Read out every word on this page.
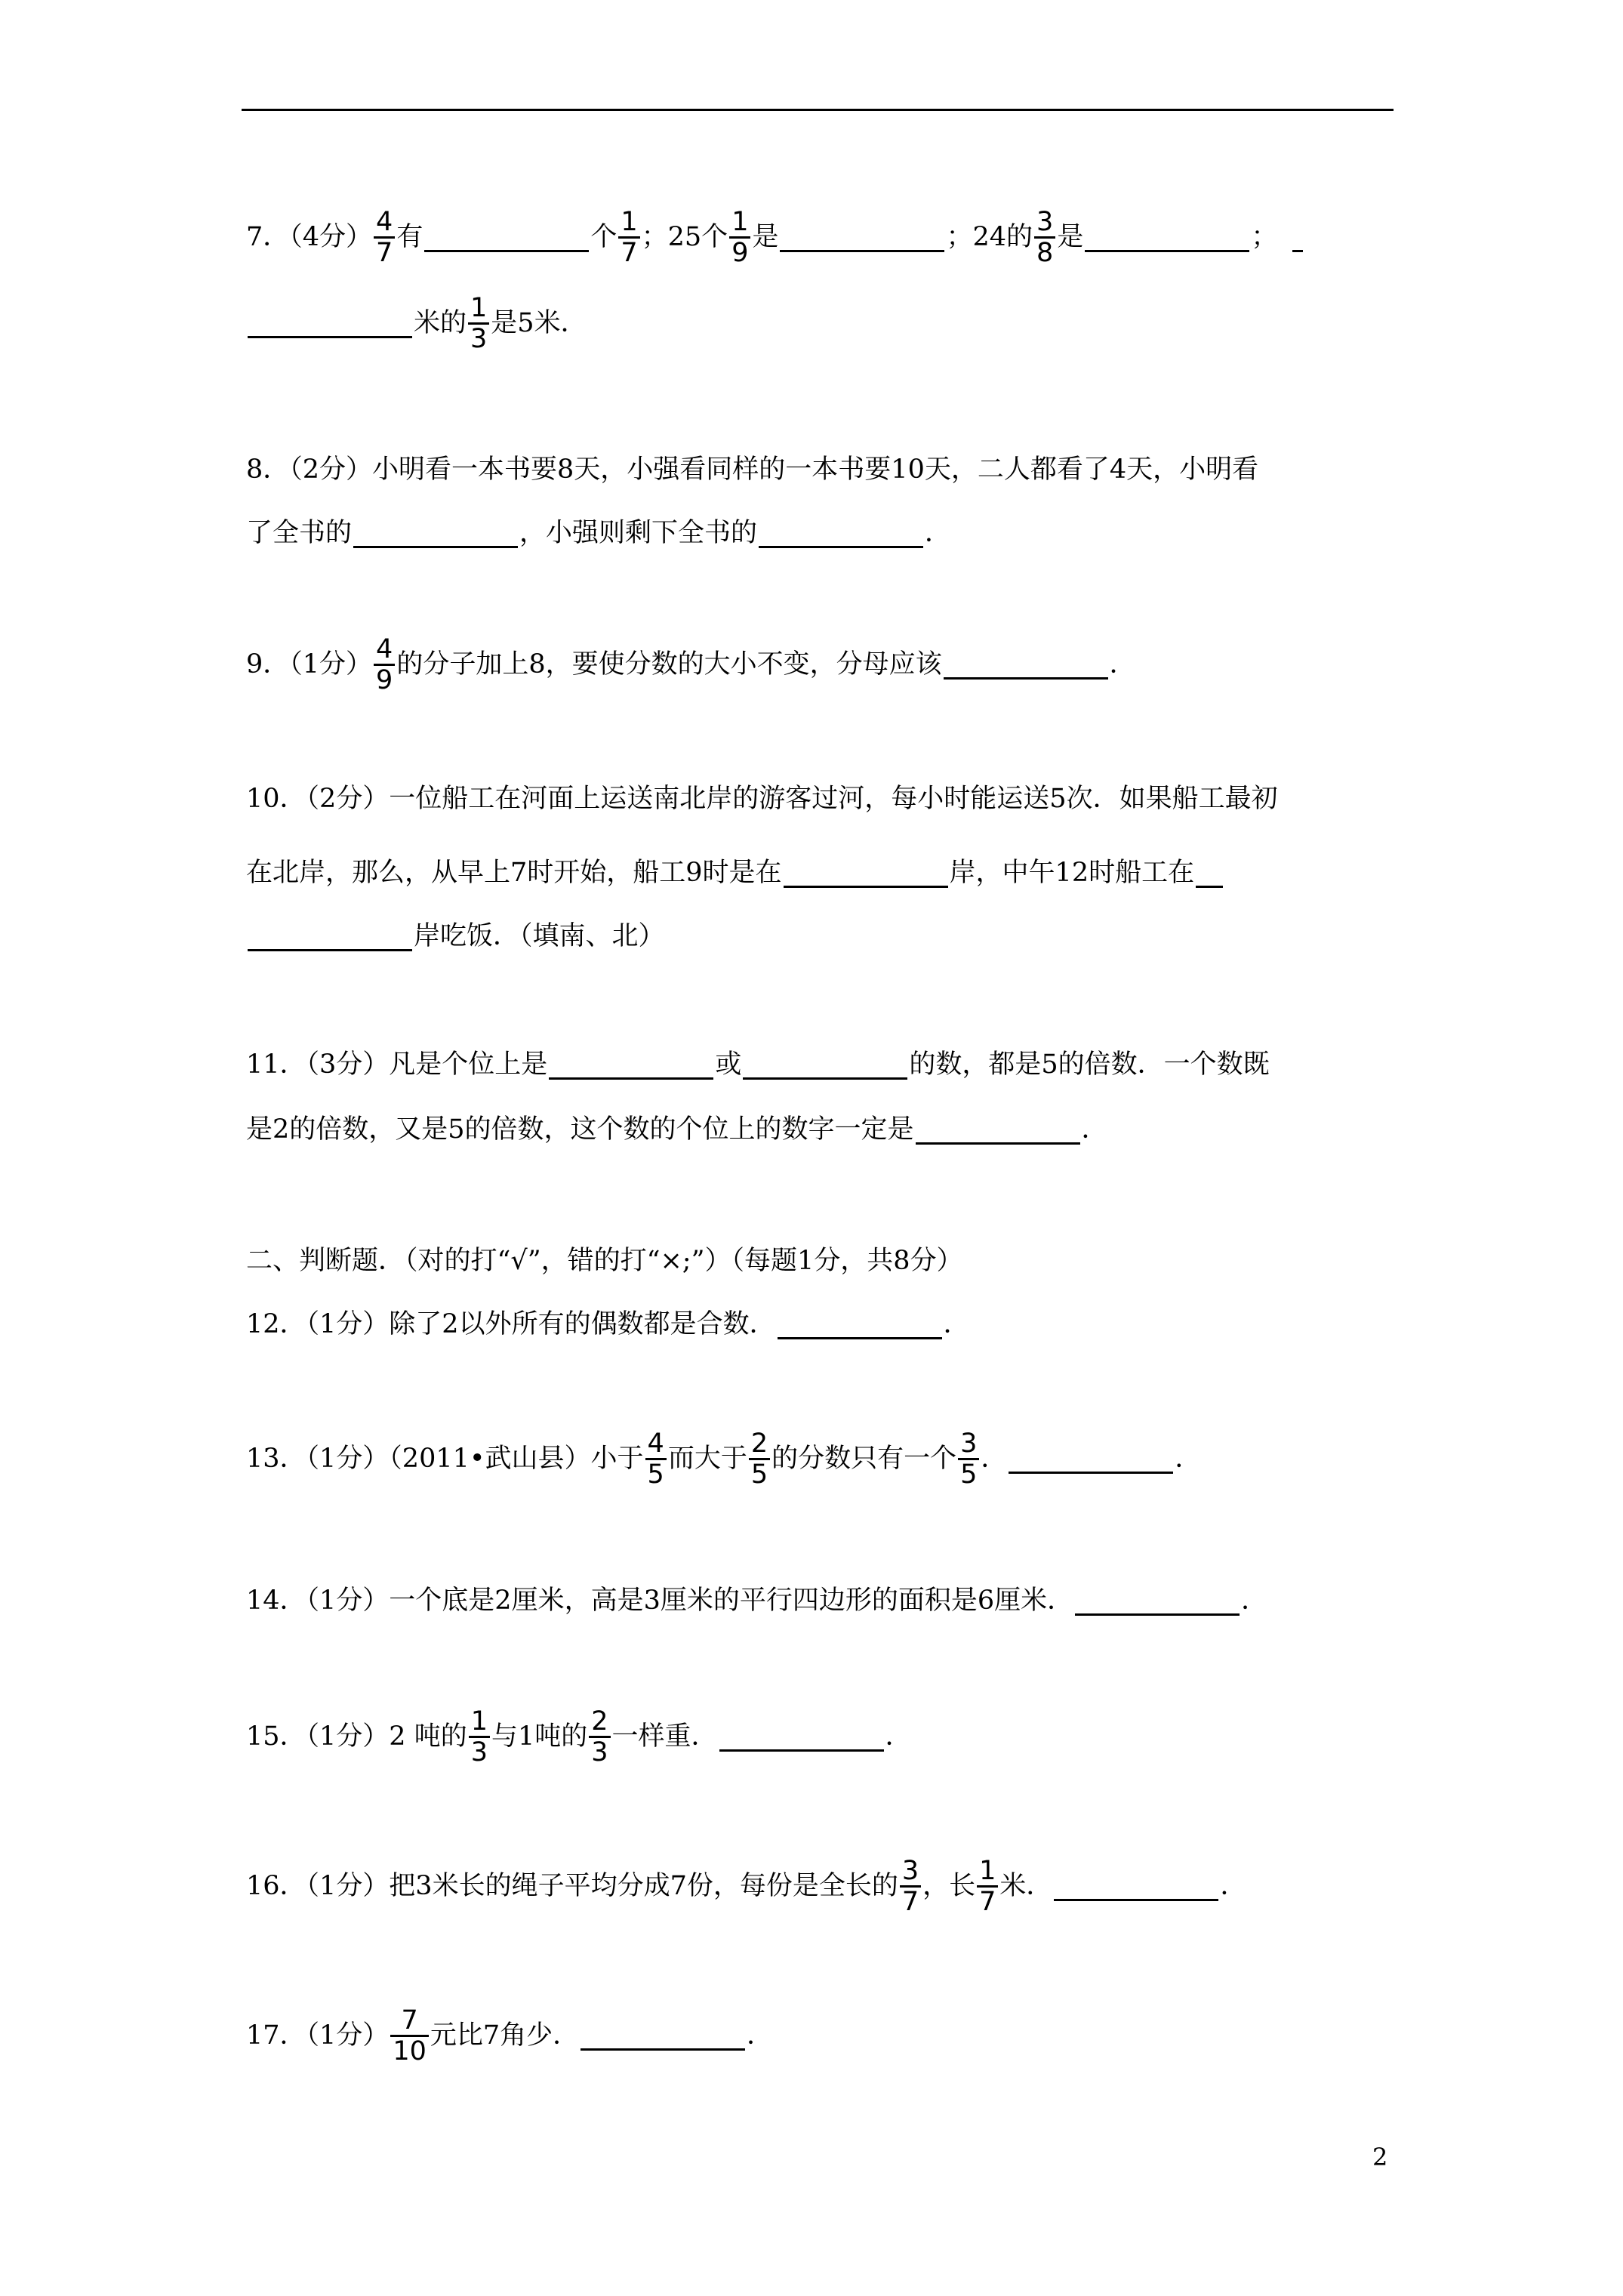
7．（4分） $\frac{4}{7}$ 有	个 $\frac{1}{7}$ ；25个 $\frac{1}{9}$ 是	；24的 $\frac{3}{8}$ 是	；
米的 $\frac{1}{3}$ 是5米．
8．（2分）小明看一本书要8天，小强看同样的一本书要10天，二人都看了4天，小明看
了全书的	，小强则剩下全书的	．
9．（1分） $\frac{4}{9}$ 的分子加上8，要使分数的大小不变，分母应该	．
10．（2分）一位船工在河面上运送南北岸的游客过河，每小时能运送5次．如果船工最初
在北岸，那么，从早上7时开始，船工9时是在	岸，中午12时船工在
岸吃饭．（填南、北）
11．（3分）凡是个位上是	或	的数，都是5的倍数．一个数既
是2的倍数，又是5的倍数，这个数的个位上的数字一定是	．
二、判断题．（对的打“√”，错的打“×;”）（每题1分，共8分）
12．（1分）除了2以外所有的偶数都是合数．	．
13．（1分）（2011•武山县）小于 $\frac{4}{5}$ 而大于 $\frac{2}{5}$ 的分数只有一个 $\frac{3}{5}$ ．	．
14．（1分）一个底是2厘米，高是3厘米的平行四边形的面积是6厘米．	．
15．（1分）2 吨的 $\frac{1}{3}$ 与1吨的 $\frac{2}{3}$ 一样重．	．
16．（1分）把3米长的绳子平均分成7份，每份是全长的 $\frac{3}{7}$ ，长 $\frac{1}{7}$ 米．	．
17．（1分） $\frac{7}{10}$ 元比7角少．	．
2
